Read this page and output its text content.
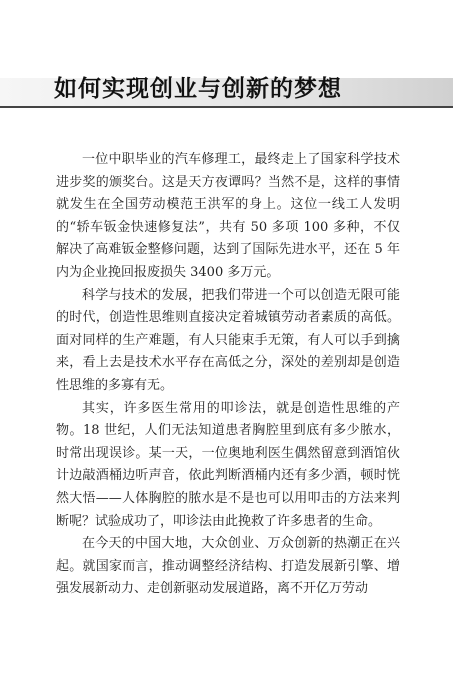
如何实现创业与创新的梦想

一位中职毕业的汽车修理工，最终走上了国家科学技术进步奖的颁奖台。这是天方夜谭吗？当然不是，这样的事情就发生在全国劳动模范王洪军的身上。这位一线工人发明的“轿车钣金快速修复法”，共有 50 多项 100 多种，不仅解决了高难钣金整修问题，达到了国际先进水平，还在 5 年内为企业挽回报废损失 3400 多万元。

科学与技术的发展，把我们带进一个可以创造无限可能的时代，创造性思维则直接决定着城镇劳动者素质的高低。面对同样的生产难题，有人只能束手无策，有人可以手到擒来，看上去是技术水平存在高低之分，深处的差别却是创造性思维的多寡有无。

其实，许多医生常用的叩诊法，就是创造性思维的产物。18 世纪，人们无法知道患者胸腔里到底有多少脓水，时常出现误诊。某一天，一位奥地利医生偶然留意到酒馆伙计边敲酒桶边听声音，依此判断酒桶内还有多少酒，顿时恍然大悟——人体胸腔的脓水是不是也可以用叩击的方法来判断呢？试验成功了，叩诊法由此挽救了许多患者的生命。

在今天的中国大地，大众创业、万众创新的热潮正在兴起。就国家而言，推动调整经济结构、打造发展新引擎、增强发展新动力、走创新驱动发展道路，离不开亿万劳动
